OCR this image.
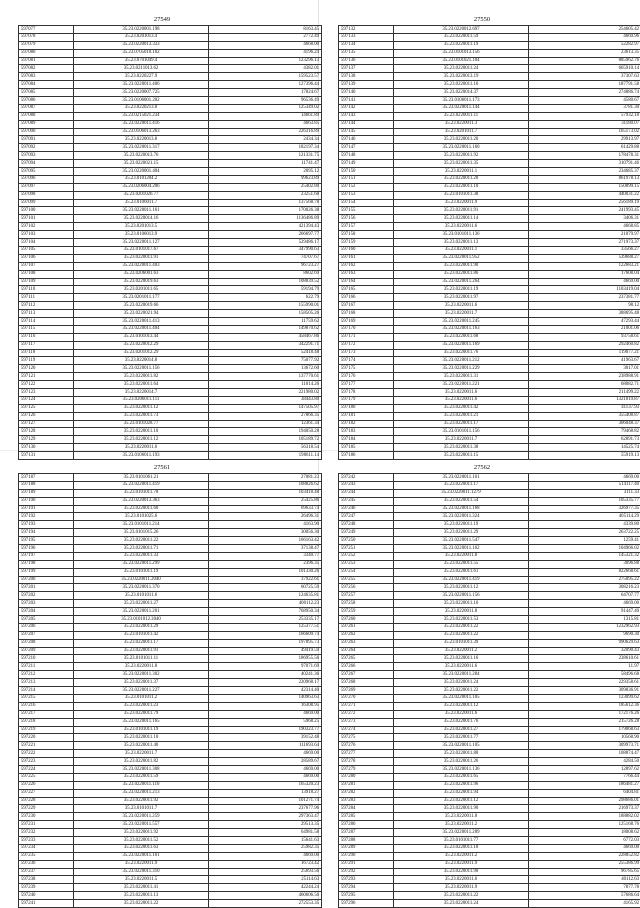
27549
597077	35.23.0220001.198	8163.45
597078	35.23.0201013.4	2772.49
597079	35.23.0220013.333	4668.00
597080	35.23.0705010.102	4196.24
597081	35.23.0701049.4	123296.13
597082	35.23.0211013.62	4382.01
597083	35.23.0220227.9	159523.57
597084	35.23.0220011.406	127396.44
597085	35.23.0220007.725	17824.67
597086	35.23.0106001.202	96536.49
597087	35.23.0220213.8	125349.02
597088	35.23.0215021.234	14661.89
597089	35.23.0220011.416	4663.85
597090	35.23.0106013.263	226316.89
597091	35.23.0220013.8	2434.34
597092	35.23.0220011.317	182197.34
597093	35.23.0220013.76	121331.75
597094	35.23.0220021.15	11741.47
597095	35.23.0220001.404	2095.12
597096	35.23.0101204.2	99623.89
597097	35.23.0206004.206	25402.80
597098	35.23.0201026.77	23251.68
597099	35.23.0106011.7	137568.78
597100	35.23.0220011.161	170026.38
597101	35.23.0220014.16	1136486.89
597102	35.23.0201013.5	421394.43
597103	35.23.0106013.9	266697.77
597104	35.23.0220011.127	529486.17
597105	35.23.0101017.67	347990.63
597106	35.23.0220011.91	74707.67
597107	35.23.0220011.403	96723.27
597108	35.23.0206001.63	8602.69
597109	35.23.0220019.63	108839.52
597110	35.23.0201011.65	59194.79
597111	35.23.0201011.177	622.79
597112	35.23.0220019.66	155990.01
597113	35.23.0220021.94	158505.26
597114	35.23.0220011.413	11759.62
597115	35.23.0220011.404	149870.62
597116	35.23.0101013.44	458467.86
597117	35.23.0220012.29	342291.71
597118	35.23.0201012.29	52418.48
597119	35.23.0220014.8	75077.92
597120	35.23.0220011.156	13672.60
597121	35.23.0220011.82	137770.61
597122	35.23.0220011.64	11014.26
597123	35.23.0220014.7	221980.02
597124	35.23.0206011.111	38443.80
597125	35.23.0220011.12	147505.97
597126	35.23.0220011.73	27866.35
597127	35.23.0101028.77	12361.34
597128	35.23.0220011.10	194050.28
597129	35.23.0220011.12	105189.72
597130	35.23.0220011.6	56318.54
597131	35.23.0106011.193	198611.14
27550
597132	35.23.0220012.697	254605.42
597133	35.23.0220011.59	4669.96
597134	35.23.0220011.19	52282.97
597135	35.23.0101013.156	23613.35
597136	35.23.0101021.104	885962.76
597137	35.23.0220011.24	665910.14
597138	35.23.0220013.19	37307.63
597139	35.23.0220011.16	187791.58
597140	35.23.0220014.37	274886.74
597141	35.23.0106011.173	4580.67
597142	35.23.0220011.144	3781.30
597143	35.23.0220011.11	57932.18
597144	35.23.0220011.3	31180.07
597145	35.23.0201011.7	165173.02
597146	35.23.0220011.20	29913.97
597147	35.23.0220011.160	61429.88
597148	35.23.0220011.92	178478.31
597149	35.23.0220011.35	310791.46
597150	35.23.0220011.1	234685.37
597151	35.23.0220011.20	861978.13
597152	35.23.0220011.10	150899.15
597153	35.23.0101011.38	440031.22
597154	35.23.0220011.9	256189.19
597155	35.23.0220011.91	241993.45
597156	35.23.0220011.14	3406.31
597157	35.23.0220011.6	4668.85
597158	35.23.0101011.136	21079.97
597159	35.23.0220011.13	271973.37
597160	35.23.0220011.1	33566.27
597161	35.23.0220011.952	539688.27
597162	35.23.0220011.90	122683.21
597163	35.23.0220011.86	17608.04
597164	35.23.0220011.264	4669.00
597165	35.23.0220011.19	1103419.04
597166	35.23.0220011.97	237381.77
597167	35.23.0220011.6	98.12
597168	35.23.0220011.7	388695.48
597169	35.23.0220011.245	47293.44
597170	35.23.0220011.163	21001.06
597171	35.23.0220011.68	93758.61
597172	35.23.0220011.169	292460.82
597173	35.23.0220011.76	119077.21
597174	35.23.0220011.212	41963.67
597175	35.23.0220011.229	3017.01
597176	35.23.0220011.31	238988.91
597177	35.23.0220011.221	68082.71
597178	35.23.0220011.6	211499.22
597179	35.23.0220011.6	1321819.87
597180	35.23.0220011.42	41137.93
597181	35.23.0220011.21	355408.87
597182	35.23.0220011.17	306048.37
597183	35.23.0101011.156	79468.82
597184	35.23.0220011.7	62891.73
597185	35.23.0220011.38	14525.74
597186	35.23.0220011.15	55919.13
27561
597187	35.23.0101061.21	27081.23
597188	35.23.0220011.419	108826.62
597189	35.23.0101011.78	103418.48
597190	35.23.0220013.363	25425.86
597191	35.23.0220011.60	69633.74
597192	35.23.0101025.6	26496.31
597193	35.23.0101011.214	4163.90
597194	35.23.0101015.26	30056.30
597195	35.23.0220011.22	166163.42
597196	35.23.0220011.71	37138.47
597197	35.23.0220011.33	3340.77
597198	35.23.0220011.299	2396.35
597199	35.23.0101011.19	101330.26
597200	35.23.0220011.2040	37922.61
597201	35.23.0220011.370	60725.59
597202	35.23.0101011.6	124635.81
597203	35.23.0220011.27	400112.23
597204	35.23.0220011.201	768950.34
597205	35.23.0101012.3040	253335.17
597206	35.23.0220011.29	125377.51
597207	35.23.0101011.42	166609.74
597208	35.23.0220011.17	197895.73
597209	35.23.0220011.91	49419.59
597210	35.23.0101011.11	186955.56
597211	35.23.0220011.8	97071.69
597212	35.23.0220011.302	40241.36
597213	35.23.0220011.37	220968.17
597214	35.23.0220011.227	42314.40
597215	35.23.0101011.2	140963.63
597216	35.23.0220011.23	16308.95
597217	35.23.0220011.79	4669.00
597218	35.23.0220011.165	5968.25
597219	35.23.0101011.19	190323.77
597220	35.23.0220011.10	39152.48
597221	35.23.0220011.40	111693.64
597222	35.23.0220011.7	4669.00
597223	35.23.0220011.82	28589.67
597224	35.23.0220011.308	4669.00
597225	35.23.0220011.59	4669.00
597226	35.23.0220011.110	165320.23
597227	35.23.0220011.213	13918.27
597228	35.23.0220011.92	101271.74
597229	35.23.0101011.7	237677.96
597230	35.23.0220011.259	297363.47
597231	35.23.0220011.557	29513.35
597232	35.23.0220011.92	64981.58
597233	35.23.0220011.52	15641.63
597234	35.23.0220011.63	25982.35
597235	35.23.0220011.161	4669.00
597236	35.23.0220011.9	16723.42
597237	35.23.0220011.310	25693.56
597238	35.23.0220011.5	25114.63
597239	35.23.0220011.41	42244.24
597240	35.23.0220011.13	460606.56
597241	35.23.0220011.22	272553.35
27562
597242	35.23.0220011.161	4669.00
597243	35.23.0220011.17	514117.40
597244	35.23.0220011.1279	3111.33
597245	35.23.0220011.54	105335.77
597246	35.23.0220011.168	326977.35
597247	35.23.0220011.324	405114.29
597248	35.23.0220011.19	4339.80
597249	35.23.0220011.29	263722.25
597250	35.23.0220011.547	1259.41
597251	35.23.0220011.162	104966.02
597252	35.23.0220011.8	145321.32
597253	35.23.0220011.55	3096.88
597254	35.23.0220011.61	822668.61
597255	35.23.0220011.419	275095.22
597256	35.23.0220011.12	308216.23
597257	35.23.0220011.156	64707.77
597258	35.23.0220011.16	4669.00
597259	35.23.0220011.8	91447.40
597260	35.23.0220011.53	1315.81
597261	35.23.0220011.22	1232962.93
597262	35.23.0220011.22	9690.30
597263	35.23.0101011.39	990629.63
597264	35.23.0220011.2	32090.43
597265	35.23.0220011.16	238610.61
597266	35.23.0220011.6	11.97
597267	35.23.0220011.284	58496.68
597268	35.23.0220011.24	229358.61
597269	35.23.0220011.22	309836.91
597270	35.23.0220011.105	123099.62
597271	35.23.0220011.12	185612.36
597272	35.23.0220011.6	172176.26
597273	35.23.0220011.76	215726.28
597274	35.23.0220011.27	179068.63
597275	35.23.0220011.77	10568.90
597276	35.23.0220011.105	309973.71
597277	35.23.0220011.80	108874.47
597278	35.23.0220011.26	4284.50
597279	35.23.0220011.136	12897.62
597280	35.23.0220011.65	7766.44
597281	35.23.0220011.96	186481.27
597282	35.23.0220011.94	6404.81
597283	35.23.0220011.12	298686.01
597284	35.23.0220011.90	216973.37
597285	35.23.0220011.8	188882.02
597286	35.23.0220011.2	125168.76
597287	35.23.0220011.289	18008.62
597288	35.23.0101011.77	6772.03
597289	35.23.0220011.18	4669.00
597290	35.23.0220011.2	228852.82
597291	35.23.0220011.9	255386.99
597292	35.23.0220011.90	96785.65
597293	35.23.0220011.6	40112.63
597294	35.23.0220011.9	7877.78
597295	35.23.0220011.22	57686.64
597296	35.23.0220011.24	4165.92
